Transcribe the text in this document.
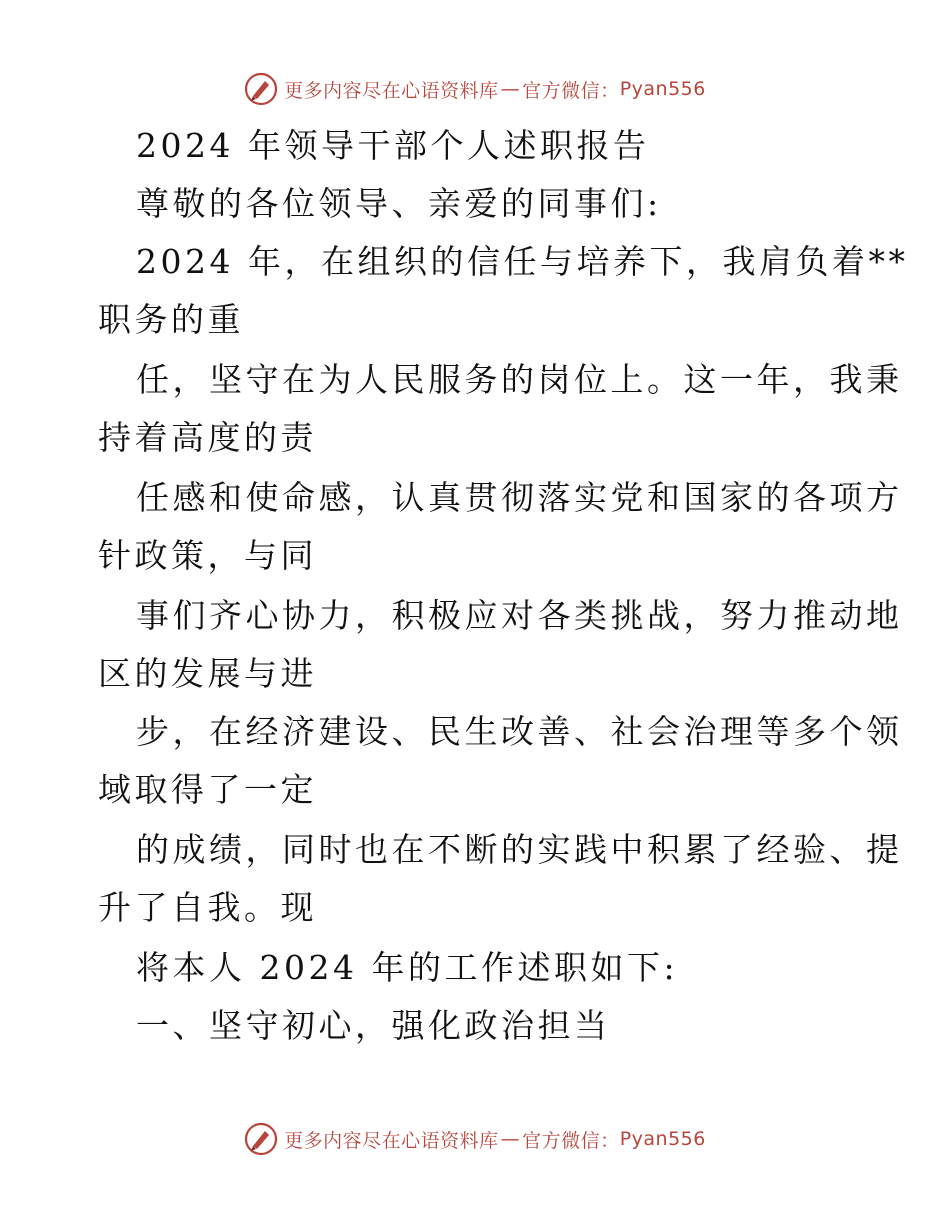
更多内容尽在心语资料库 — 官方微信： Pyan556
2024 年领导干部个人述职报告
尊敬的各位领导、亲爱的同事们:
2024 年，在组织的信任与培养下，我肩负着**
职务的重
任，坚守在为人民服务的岗位上。这一年，我秉
持着高度的责
任感和使命感，认真贯彻落实党和国家的各项方
针政策，与同
事们齐心协力，积极应对各类挑战，努力推动地
区的发展与进
步，在经济建设、民生改善、社会治理等多个领
域取得了一定
的成绩，同时也在不断的实践中积累了经验、提
升了自我。现
将本人 2024 年的工作述职如下:
一、坚守初心，强化政治担当
更多内容尽在心语资料库 — 官方微信： Pyan556
